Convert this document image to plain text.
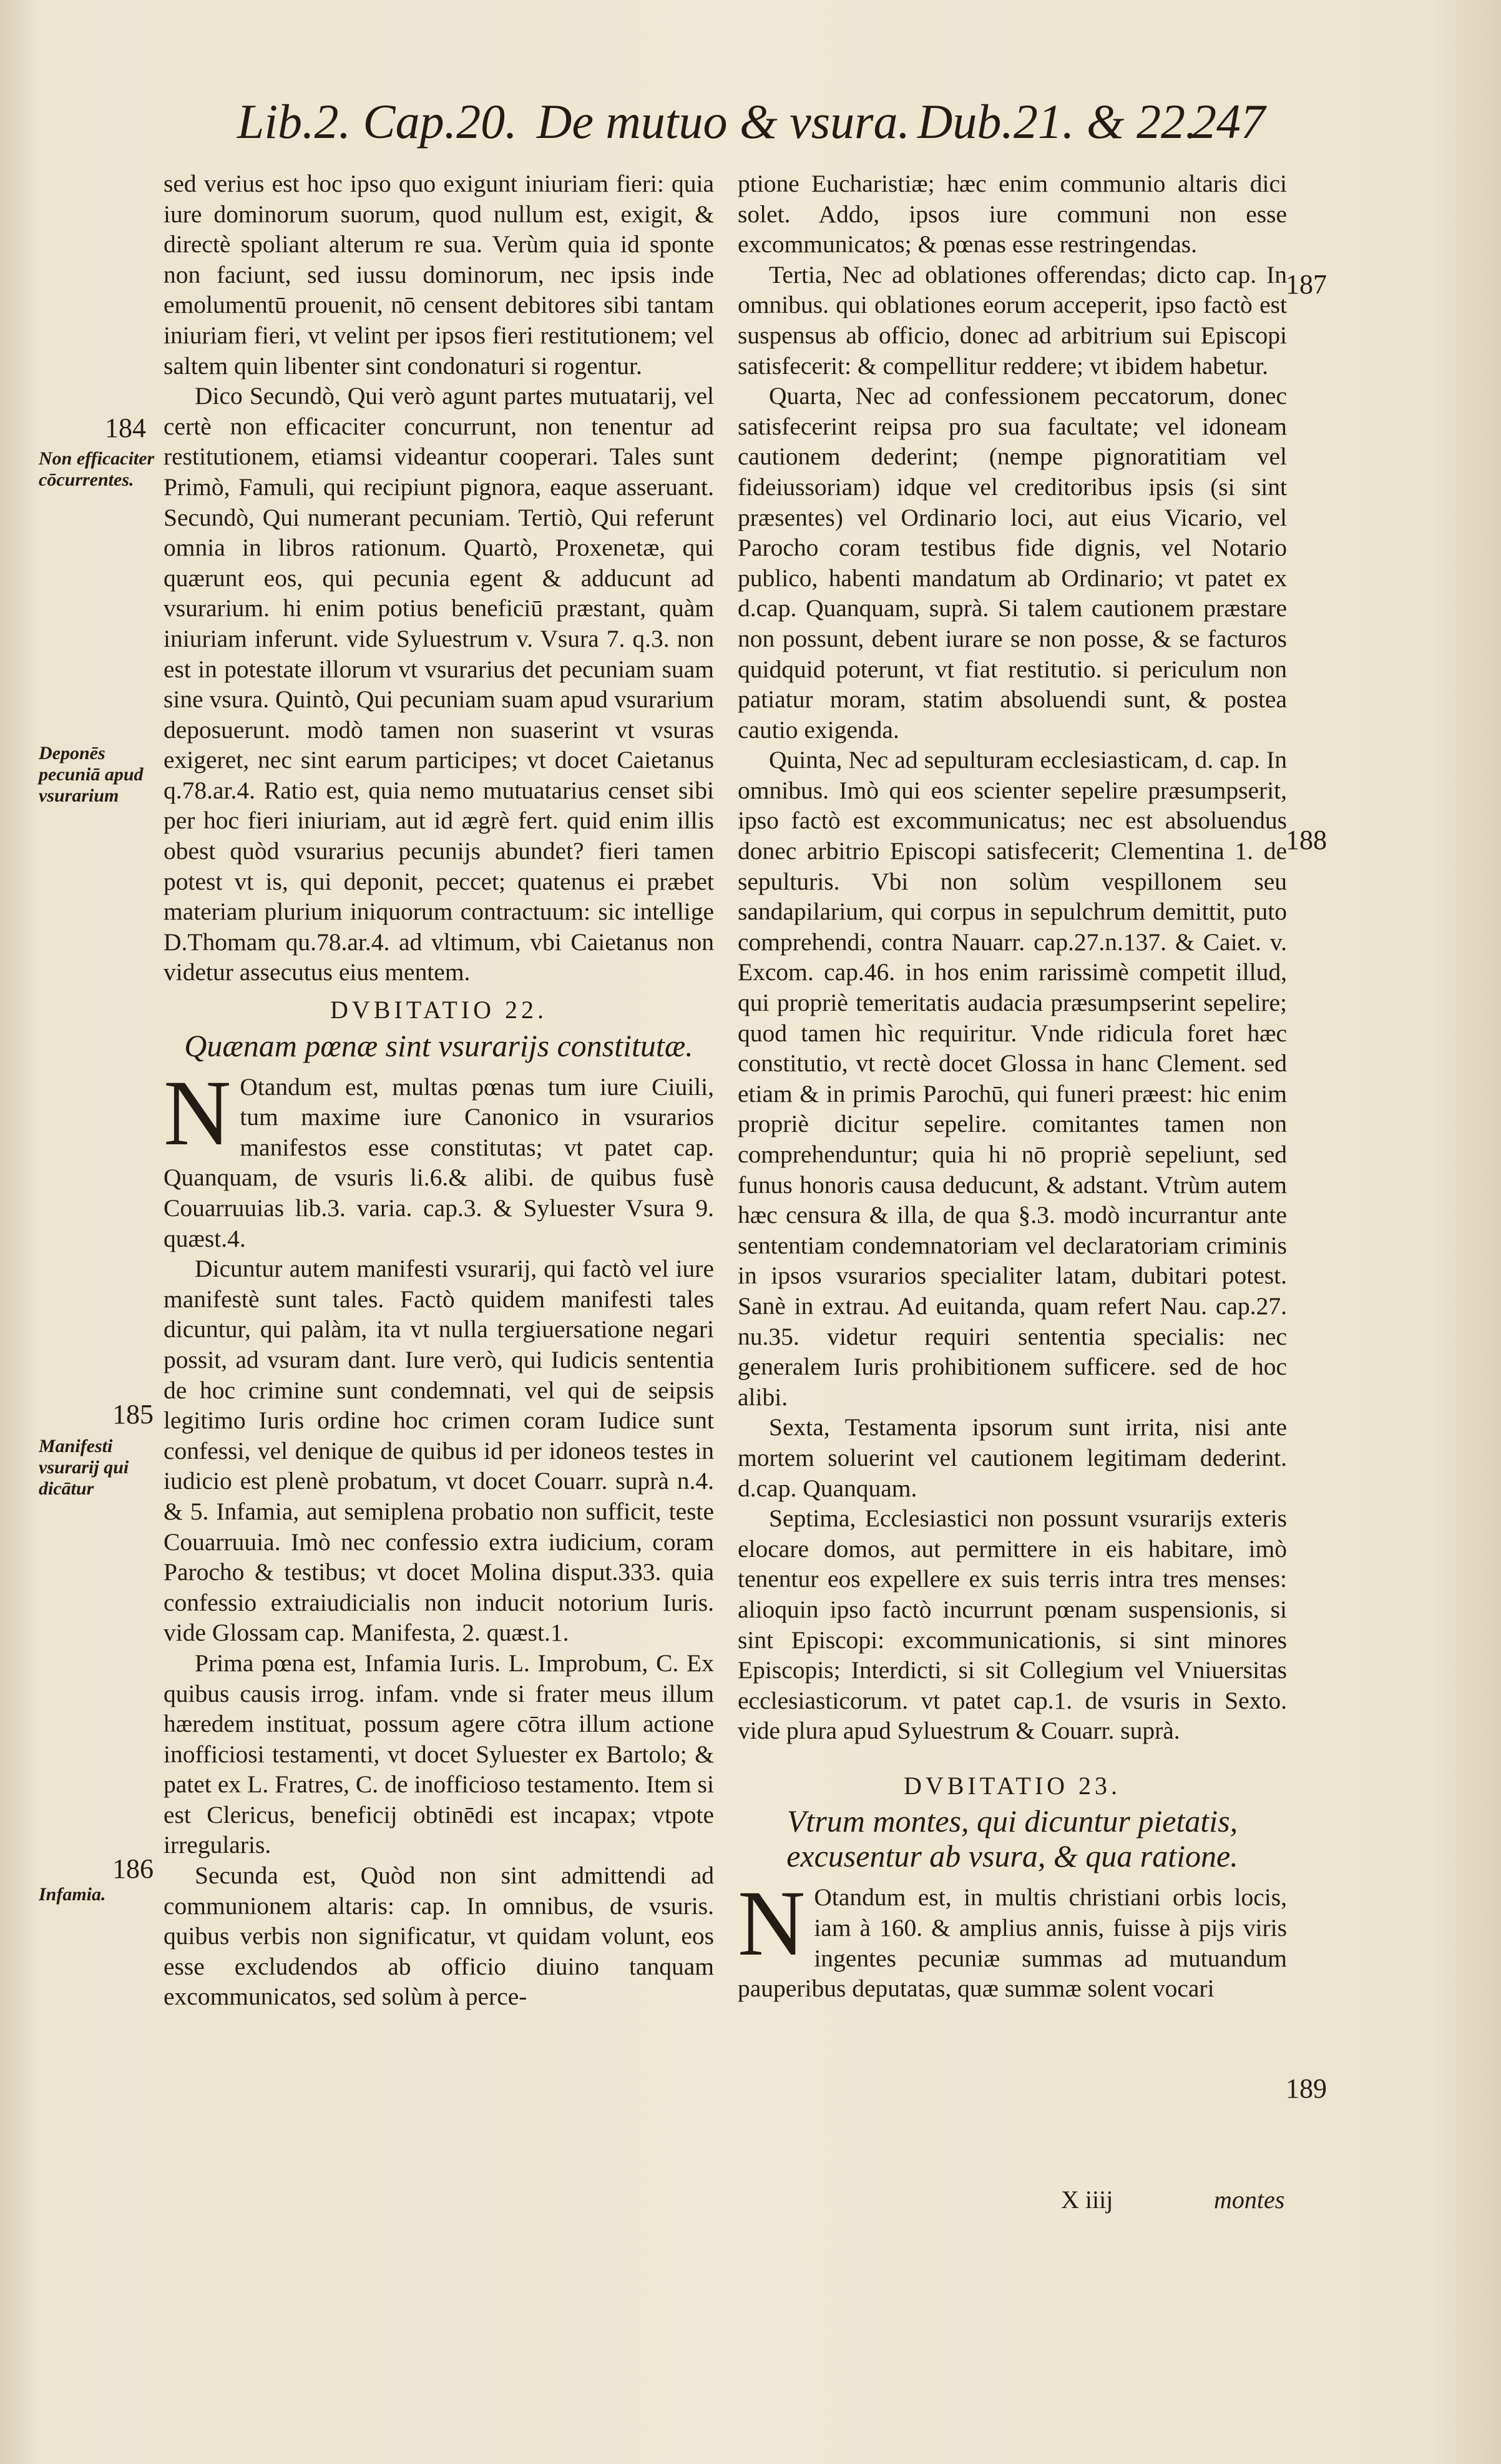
Lib.2. Cap.20. De mutuo & vsura. Dub.21. & 22.
247
184
Non efficaciter cōcurrentes.
Deponēs pecuniā apud vsurarium
185
Manifesti vsurarij qui dicātur
186
Infamia.
187
188
189

sed verius est hoc ipso quo exigunt iniuriam fieri: quia iure dominorum suorum, quod nullum est, exigit, & directè spoliant alterum re sua. Verùm quia id sponte non faciunt, sed iussu dominorum, nec ipsis inde emolumentū prouenit, nō censent debitores sibi tantam iniuriam fieri, vt velint per ipsos fieri restitutionem; vel saltem quin libenter sint condonaturi si rogentur.

Dico Secundò, Qui verò agunt partes mutuatarij, vel certè non efficaciter concurrunt, non tenentur ad restitutionem, etiamsi videantur cooperari. Tales sunt Primò, Famuli, qui recipiunt pignora, eaque asseruant. Secundò, Qui numerant pecuniam. Tertiò, Qui referunt omnia in libros rationum. Quartò, Proxenetæ, qui quærunt eos, qui pecunia egent & adducunt ad vsurarium. hi enim potius beneficiū præstant, quàm iniuriam inferunt. vide Syluestrum v. Vsura 7. q.3. non est in potestate illorum vt vsurarius det pecuniam suam sine vsura. Quintò, Qui pecuniam suam apud vsurarium deposuerunt. modò tamen non suaserint vt vsuras exigeret, nec sint earum participes; vt docet Caietanus q.78.ar.4. Ratio est, quia nemo mutuatarius censet sibi per hoc fieri iniuriam, aut id ægrè fert. quid enim illis obest quòd vsurarius pecunijs abundet? fieri tamen potest vt is, qui deponit, peccet; quatenus ei præbet materiam plurium iniquorum contractuum: sic intellige D.Thomam qu.78.ar.4. ad vltimum, vbi Caietanus non videtur assecutus eius mentem.

DVBITATIO 22.
Quænam pœnæ sint vsurarijs constitutæ.

N Otandum est, multas pœnas tum iure Ciuili, tum maxime iure Canonico in vsurarios manifestos esse constitutas; vt patet cap. Quanquam, de vsuris li.6.& alibi. de quibus fusè Couarruuias lib.3. varia. cap.3. & Syluester Vsura 9. quæst.4.

Dicuntur autem manifesti vsurarij, qui factò vel iure manifestè sunt tales. Factò quidem manifesti tales dicuntur, qui palàm, ita vt nulla tergiuersatione negari possit, ad vsuram dant. Iure verò, qui Iudicis sententia de hoc crimine sunt condemnati, vel qui de seipsis legitimo Iuris ordine hoc crimen coram Iudice sunt confessi, vel denique de quibus id per idoneos testes in iudicio est plenè probatum, vt docet Couarr. suprà n.4. & 5. Infamia, aut semiplena probatio non sufficit, teste Couarruuia. Imò nec confessio extra iudicium, coram Parocho & testibus; vt docet Molina disput.333. quia confessio extraiudicialis non inducit notorium Iuris. vide Glossam cap. Manifesta, 2. quæst.1.

Prima pœna est, Infamia Iuris. L. Improbum, C. Ex quibus causis irrog. infam. vnde si frater meus illum hæredem instituat, possum agere cōtra illum actione inofficiosi testamenti, vt docet Syluester ex Bartolo; & patet ex L. Fratres, C. de inofficioso testamento. Item si est Clericus, beneficij obtinēdi est incapax; vtpote irregularis.

Secunda est, Quòd non sint admittendi ad communionem altaris: cap. In omnibus, de vsuris. quibus verbis non significatur, vt quidam volunt, eos esse excludendos ab officio diuino tanquam excommunicatos, sed solùm à perce-

ptione Eucharistiæ; hæc enim communio altaris dici solet. Addo, ipsos iure communi non esse excommunicatos; & pœnas esse restringendas.

Tertia, Nec ad oblationes offerendas; dicto cap. In omnibus. qui oblationes eorum acceperit, ipso factò est suspensus ab officio, donec ad arbitrium sui Episcopi satisfecerit: & compellitur reddere; vt ibidem habetur.

Quarta, Nec ad confessionem peccatorum, donec satisfecerint reipsa pro sua facultate; vel idoneam cautionem dederint; (nempe pignoratitiam vel fideiussoriam) idque vel creditoribus ipsis (si sint præsentes) vel Ordinario loci, aut eius Vicario, vel Parocho coram testibus fide dignis, vel Notario publico, habenti mandatum ab Ordinario; vt patet ex d.cap. Quanquam, suprà. Si talem cautionem præstare non possunt, debent iurare se non posse, & se facturos quidquid poterunt, vt fiat restitutio. si periculum non patiatur moram, statim absoluendi sunt, & postea cautio exigenda.

Quinta, Nec ad sepulturam ecclesiasticam, d. cap. In omnibus. Imò qui eos scienter sepelire præsumpserit, ipso factò est excommunicatus; nec est absoluendus donec arbitrio Episcopi satisfecerit; Clementina 1. de sepulturis. Vbi non solùm vespillonem seu sandapilarium, qui corpus in sepulchrum demittit, puto comprehendi, contra Nauarr. cap.27.n.137. & Caiet. v. Excom. cap.46. in hos enim rarissimè competit illud, qui propriè temeritatis audacia præsumpserint sepelire; quod tamen hìc requiritur. Vnde ridicula foret hæc constitutio, vt rectè docet Glossa in hanc Clement. sed etiam & in primis Parochū, qui funeri præest: hic enim propriè dicitur sepelire. comitantes tamen non comprehenduntur; quia hi nō propriè sepeliunt, sed funus honoris causa deducunt, & adstant. Vtrùm autem hæc censura & illa, de qua §.3. modò incurrantur ante sententiam condemnatoriam vel declaratoriam criminis in ipsos vsurarios specialiter latam, dubitari potest. Sanè in extrau. Ad euitanda, quam refert Nau. cap.27. nu.35. videtur requiri sententia specialis: nec generalem Iuris prohibitionem sufficere. sed de hoc alibi.

Sexta, Testamenta ipsorum sunt irrita, nisi ante mortem soluerint vel cautionem legitimam dederint. d.cap. Quanquam.

Septima, Ecclesiastici non possunt vsurarijs exteris elocare domos, aut permittere in eis habitare, imò tenentur eos expellere ex suis terris intra tres menses: alioquin ipso factò incurrunt pœnam suspensionis, si sint Episcopi: excommunicationis, si sint minores Episcopis; Interdicti, si sit Collegium vel Vniuersitas ecclesiasticorum. vt patet cap.1. de vsuris in Sexto. vide plura apud Syluestrum & Couarr. suprà.

DVBITATIO 23.
Vtrum montes, qui dicuntur pietatis, excusentur ab vsura, & qua ratione.

N Otandum est, in multis christiani orbis locis, iam à 160. & amplius annis, fuisse à pijs viris ingentes pecuniæ summas ad mutuandum pauperibus deputatas, quæ summæ solent vocari

X iiij	montes
